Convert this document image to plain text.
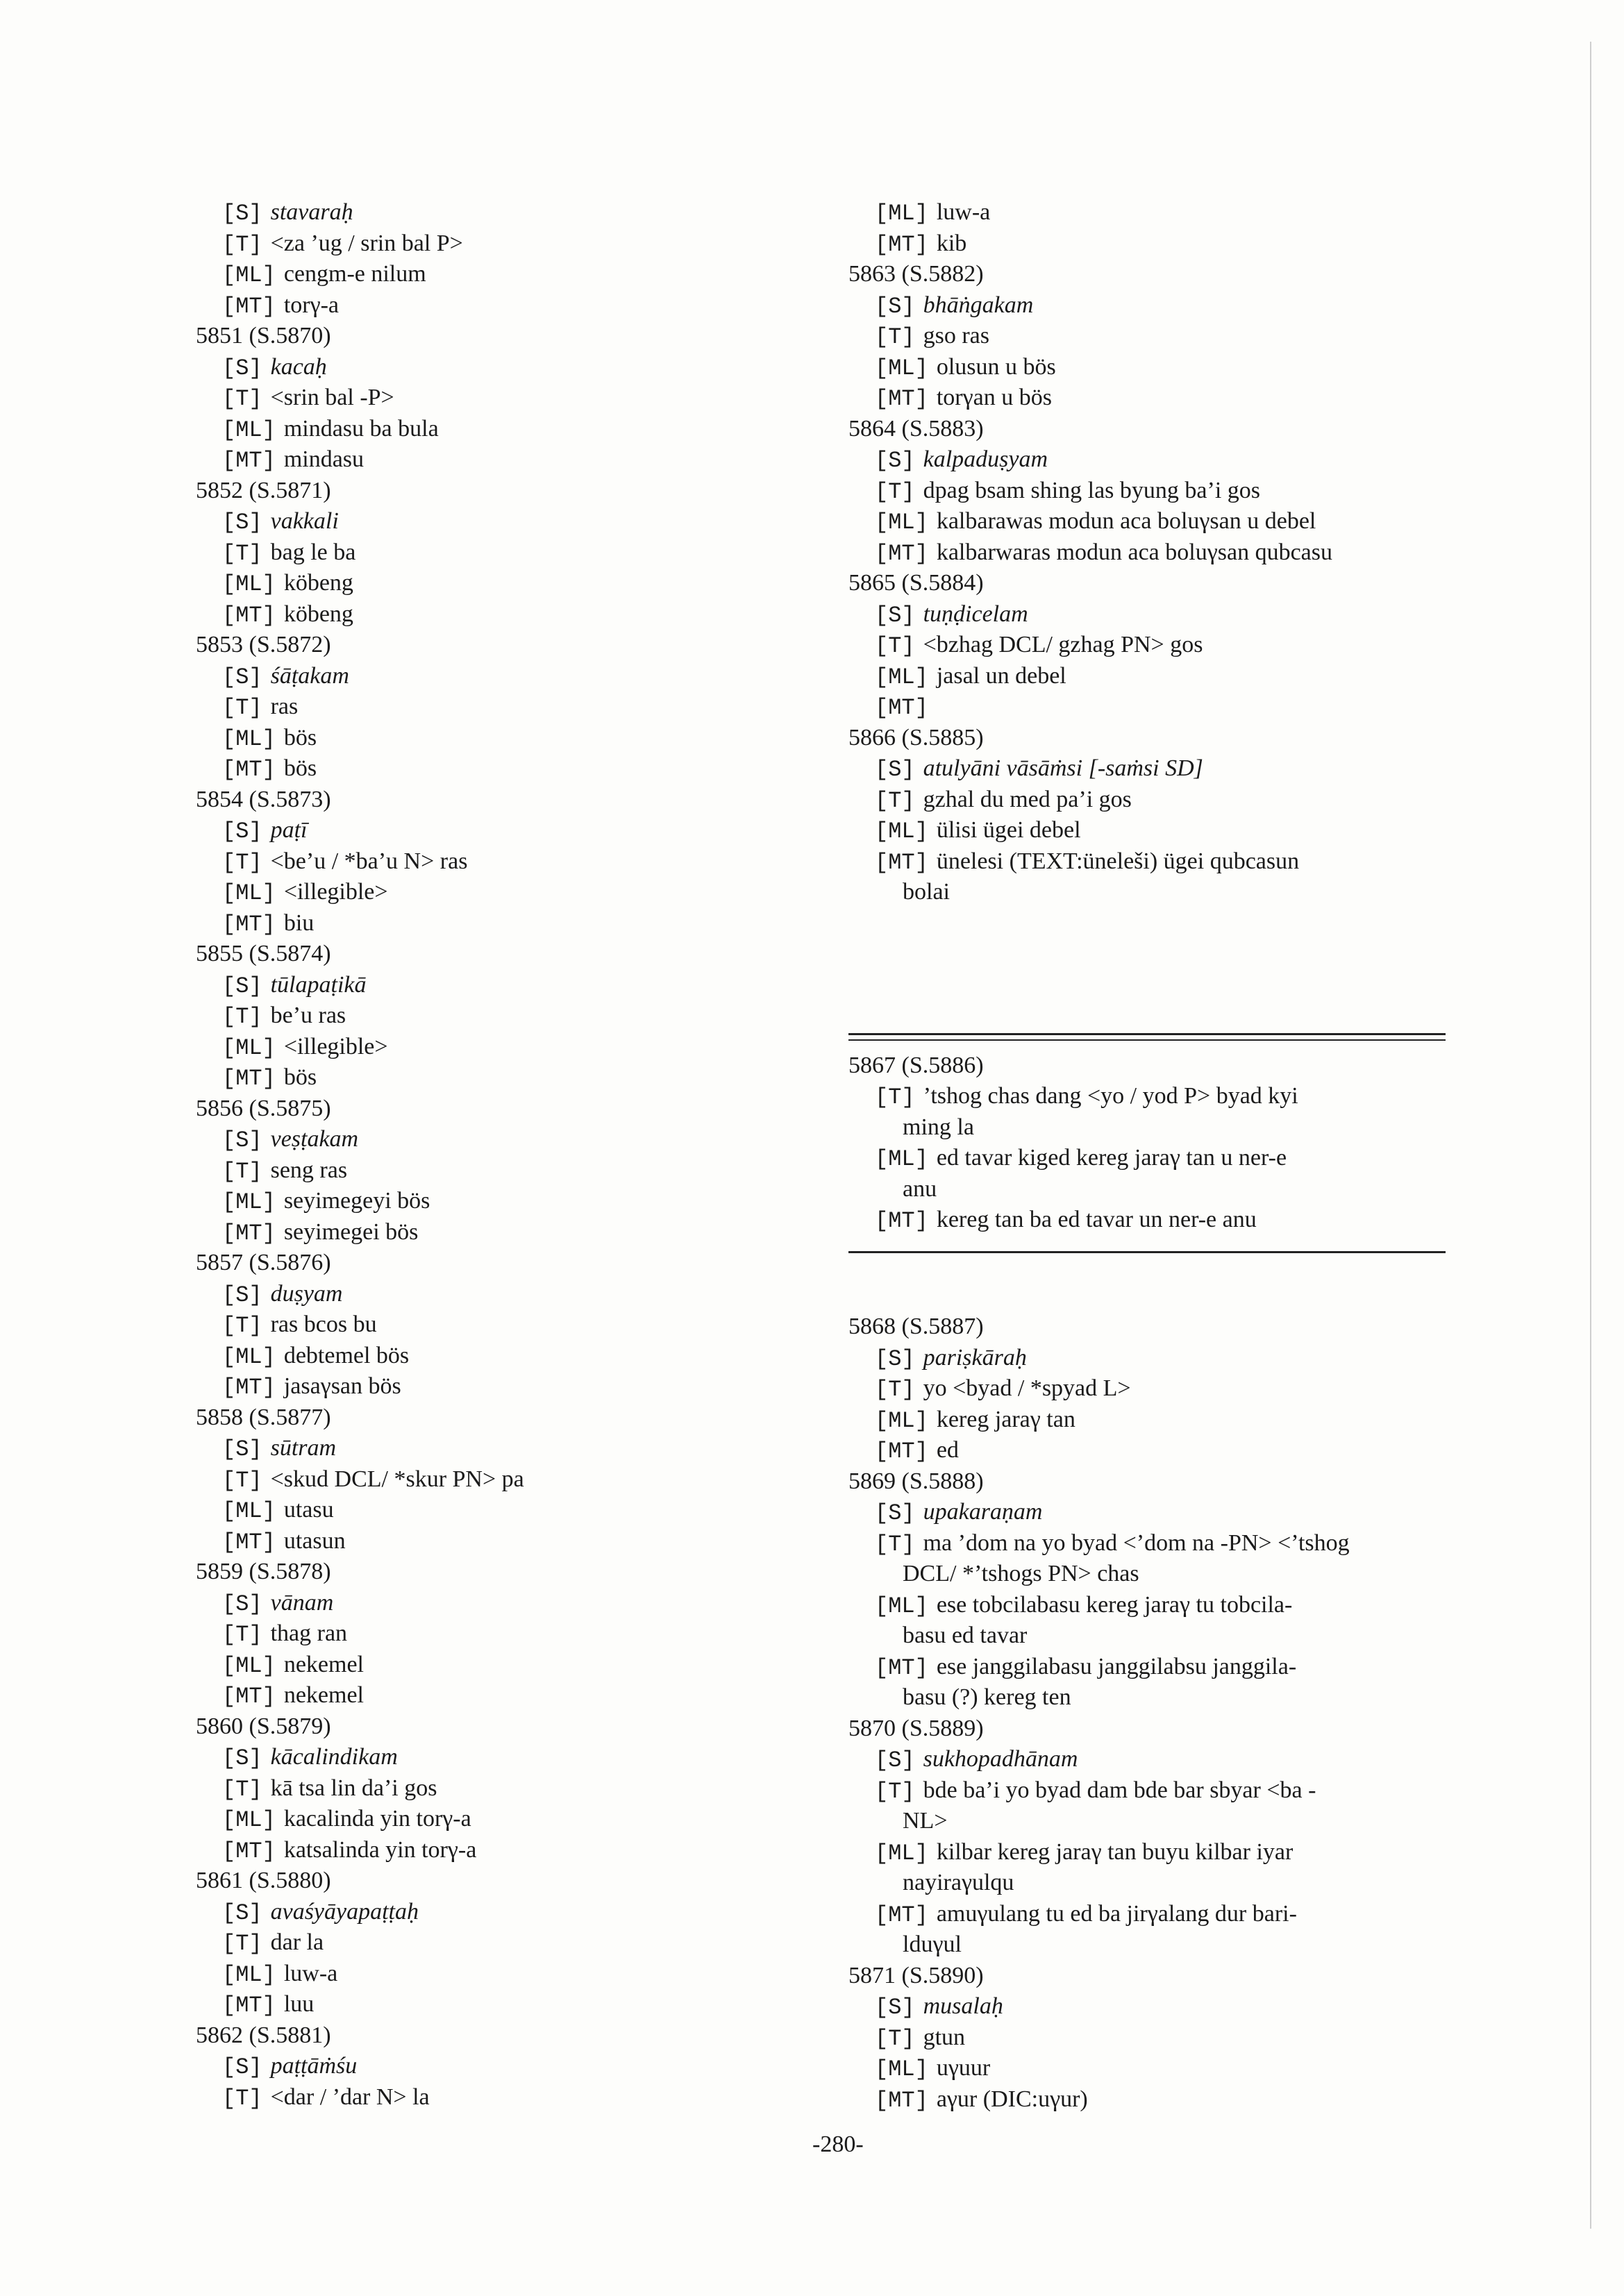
[S] stavaraḥ
[T] <za ’ug / srin bal P>
[ML] cengm-e nilum
[MT] torγ-a
5851 (S.5870)
[S] kacaḥ
[T] <srin bal -P>
[ML] mindasu ba bula
[MT] mindasu
5852 (S.5871)
[S] vakkali
[T] bag le ba
[ML] köbeng
[MT] köbeng
5853 (S.5872)
[S] śāṭakam
[T] ras
[ML] bös
[MT] bös
5854 (S.5873)
[S] paṭī
[T] <be’u / *ba’u N> ras
[ML] <illegible>
[MT] biu
5855 (S.5874)
[S] tūlapaṭikā
[T] be’u ras
[ML] <illegible>
[MT] bös
5856 (S.5875)
[S] veṣṭakam
[T] seng ras
[ML] seyimegeyi bös
[MT] seyimegei bös
5857 (S.5876)
[S] duṣyam
[T] ras bcos bu
[ML] debtemel bös
[MT] jasaγsan bös
5858 (S.5877)
[S] sūtram
[T] <skud DCL/ *skur PN> pa
[ML] utasu
[MT] utasun
5859 (S.5878)
[S] vānam
[T] thag ran
[ML] nekemel
[MT] nekemel
5860 (S.5879)
[S] kācalindikam
[T] kā tsa lin da’i gos
[ML] kacalinda yin torγ-a
[MT] katsalinda yin torγ-a
5861 (S.5880)
[S] avaśyāyapaṭṭaḥ
[T] dar la
[ML] luw-a
[MT] luu
5862 (S.5881)
[S] paṭṭāṁśu
[T] <dar / ’dar N> la
[ML] luw-a
[MT] kib
5863 (S.5882)
[S] bhāṅgakam
[T] gso ras
[ML] olusun u bös
[MT] torγan u bös
5864 (S.5883)
[S] kalpaduṣyam
[T] dpag bsam shing las byung ba’i gos
[ML] kalbarawas modun aca boluγsan u debel
[MT] kalbarwaras modun aca boluγsan qubcasu
5865 (S.5884)
[S] tuṇḍicelam
[T] <bzhag DCL/ gzhag PN> gos
[ML] jasal un debel
[MT]
5866 (S.5885)
[S] atulyāni vāsāṁsi [-saṁsi SD]
[T] gzhal du med pa’i gos
[ML] ülisi ügei debel
[MT] ünelesi (TEXT:üneleši) ügei qubcasun
bolai
5867 (S.5886)
[T] ’tshog chas dang <yo / yod P> byad kyi
ming la
[ML] ed tavar kiged kereg jaraγ tan u ner-e
anu
[MT] kereg tan ba ed tavar un ner-e anu
5868 (S.5887)
[S] pariṣkāraḥ
[T] yo <byad / *spyad L>
[ML] kereg jaraγ tan
[MT] ed
5869 (S.5888)
[S] upakaraṇam
[T] ma ’dom na yo byad <’dom na -PN> <’tshog
DCL/ *’tshogs PN> chas
[ML] ese tobcilabasu kereg jaraγ tu tobcila-
basu ed tavar
[MT] ese janggilabasu janggilabsu janggila-
basu (?) kereg ten
5870 (S.5889)
[S] sukhopadhānam
[T] bde ba’i yo byad dam bde bar sbyar <ba -
NL>
[ML] kilbar kereg jaraγ tan buyu kilbar iyar
nayiraγulqu
[MT] amuγulang tu ed ba jirγalang dur bari-
lduγul
5871 (S.5890)
[S] musalaḥ
[T] gtun
[ML] uγuur
[MT] aγur (DIC:uγur)
-280-
